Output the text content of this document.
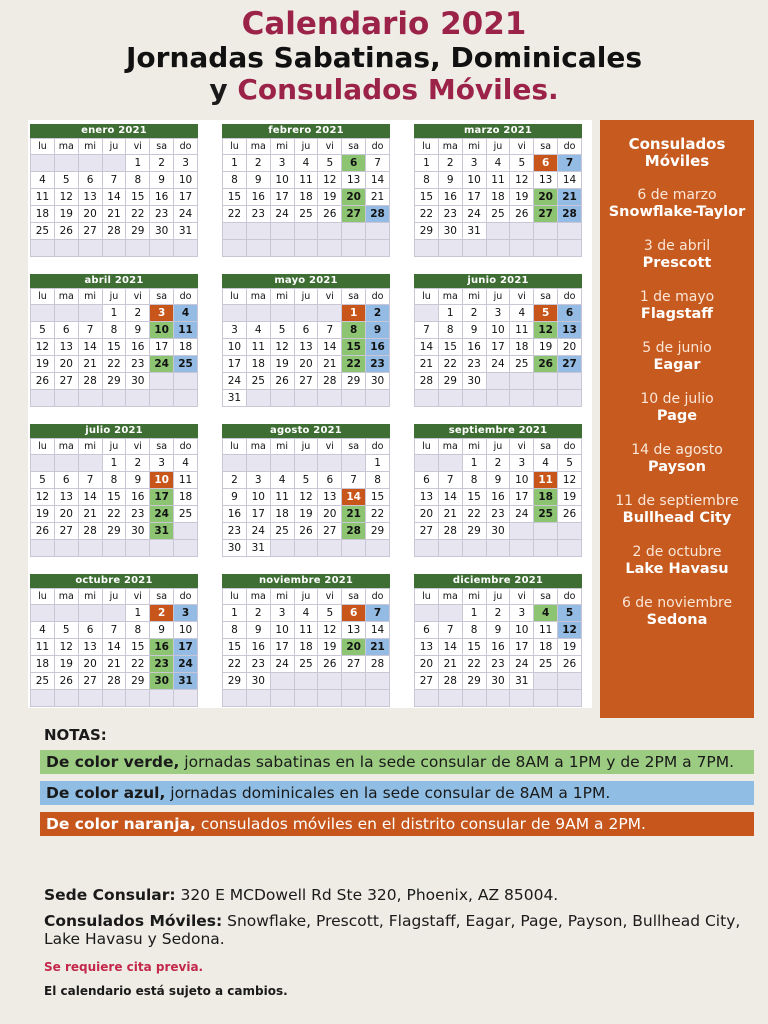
Calendario 2021
Jornadas Sabatinas, Dominicales
y Consulados Móviles.
enero 2021
lu	ma	mi	ju	vi	sa	do
				1	2	3
4	5	6	7	8	9	10
11	12	13	14	15	16	17
18	19	20	21	22	23	24
25	26	27	28	29	30	31

febrero 2021
lu	ma	mi	ju	vi	sa	do
1	2	3	4	5	6	7
8	9	10	11	12	13	14
15	16	17	18	19	20	21
22	23	24	25	26	27	28

marzo 2021
lu	ma	mi	ju	vi	sa	do
1	2	3	4	5	6	7
8	9	10	11	12	13	14
15	16	17	18	19	20	21
22	23	24	25	26	27	28
29	30	31				

abril 2021
lu	ma	mi	ju	vi	sa	do
			1	2	3	4
5	6	7	8	9	10	11
12	13	14	15	16	17	18
19	20	21	22	23	24	25
26	27	28	29	30		

mayo 2021
lu	ma	mi	ju	vi	sa	do
					1	2
3	4	5	6	7	8	9
10	11	12	13	14	15	16
17	18	19	20	21	22	23
24	25	26	27	28	29	30
31						
junio 2021
lu	ma	mi	ju	vi	sa	do
	1	2	3	4	5	6
7	8	9	10	11	12	13
14	15	16	17	18	19	20
21	22	23	24	25	26	27
28	29	30				

julio 2021
lu	ma	mi	ju	vi	sa	do
			1	2	3	4
5	6	7	8	9	10	11
12	13	14	15	16	17	18
19	20	21	22	23	24	25
26	27	28	29	30	31	

agosto 2021
lu	ma	mi	ju	vi	sa	do
						1
2	3	4	5	6	7	8
9	10	11	12	13	14	15
16	17	18	19	20	21	22
23	24	25	26	27	28	29
30	31					
septiembre 2021
lu	ma	mi	ju	vi	sa	do
		1	2	3	4	5
6	7	8	9	10	11	12
13	14	15	16	17	18	19
20	21	22	23	24	25	26
27	28	29	30			

octubre 2021
lu	ma	mi	ju	vi	sa	do
				1	2	3
4	5	6	7	8	9	10
11	12	13	14	15	16	17
18	19	20	21	22	23	24
25	26	27	28	29	30	31

noviembre 2021
lu	ma	mi	ju	vi	sa	do
1	2	3	4	5	6	7
8	9	10	11	12	13	14
15	16	17	18	19	20	21
22	23	24	25	26	27	28
29	30					

diciembre 2021
lu	ma	mi	ju	vi	sa	do
		1	2	3	4	5
6	7	8	9	10	11	12
13	14	15	16	17	18	19
20	21	22	23	24	25	26
27	28	29	30	31		

Consulados Móviles
6 de marzo
Snowflake-Taylor
3 de abril
Prescott
1 de mayo
Flagstaff
5 de junio
Eagar
10 de julio
Page
14 de agosto
Payson
11 de septiembre
Bullhead City
2 de octubre
Lake Havasu
6 de noviembre
Sedona
NOTAS:
De color verde, jornadas sabatinas en la sede consular de 8AM a 1PM y de 2PM a 7PM.
De color azul, jornadas dominicales en la sede consular de 8AM a 1PM.
De color naranja, consulados móviles en el distrito consular de 9AM a 2PM.

Sede Consular: 320 E MCDowell Rd Ste 320, Phoenix, AZ 85004.

Consulados Móviles: Snowflake, Prescott, Flagstaff, Eagar, Page, Payson, Bullhead City, Lake Havasu y Sedona.

Se requiere cita previa.

El calendario está sujeto a cambios.
